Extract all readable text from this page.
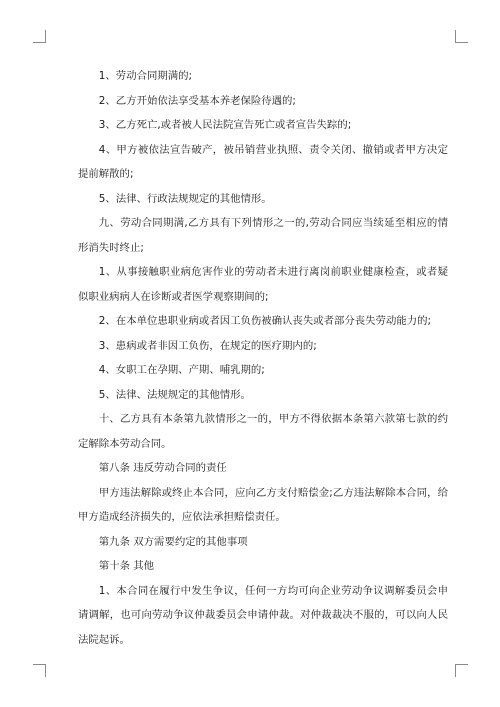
1、劳动合同期满的;

2、乙方开始依法享受基本养老保险待遇的;

3、乙方死亡,或者被人民法院宣告死亡或者宣告失踪的;

4、甲方被依法宣告破产，被吊销营业执照、责令关闭、撤销或者甲方决定提前解散的;

5、法律、行政法规规定的其他情形。

九、劳动合同期满,乙方具有下列情形之一的,劳动合同应当续延至相应的情形消失时终止;

1、从事接触职业病危害作业的劳动者未进行离岗前职业健康检查，或者疑似职业病病人在诊断或者医学观察期间的;

2、在本单位患职业病或者因工负伤被确认丧失或者部分丧失劳动能力的;

3、患病或者非因工负伤，在规定的医疗期内的;

4、女职工在孕期、产期、哺乳期的;

5、法律、法规规定的其他情形。

十、乙方具有本条第九款情形之一的，甲方不得依据本条第六款第七款的约定解除本劳动合同。

第八条 违反劳动合同的责任

甲方违法解除或终止本合同，应向乙方支付赔偿金;乙方违法解除本合同，给甲方造成经济损失的，应依法承担赔偿责任。

第九条 双方需要约定的其他事项

第十条 其他

1、本合同在履行中发生争议，任何一方均可向企业劳动争议调解委员会申请调解，也可向劳动争议仲裁委员会申请仲裁。对仲裁裁决不服的，可以向人民法院起诉。
